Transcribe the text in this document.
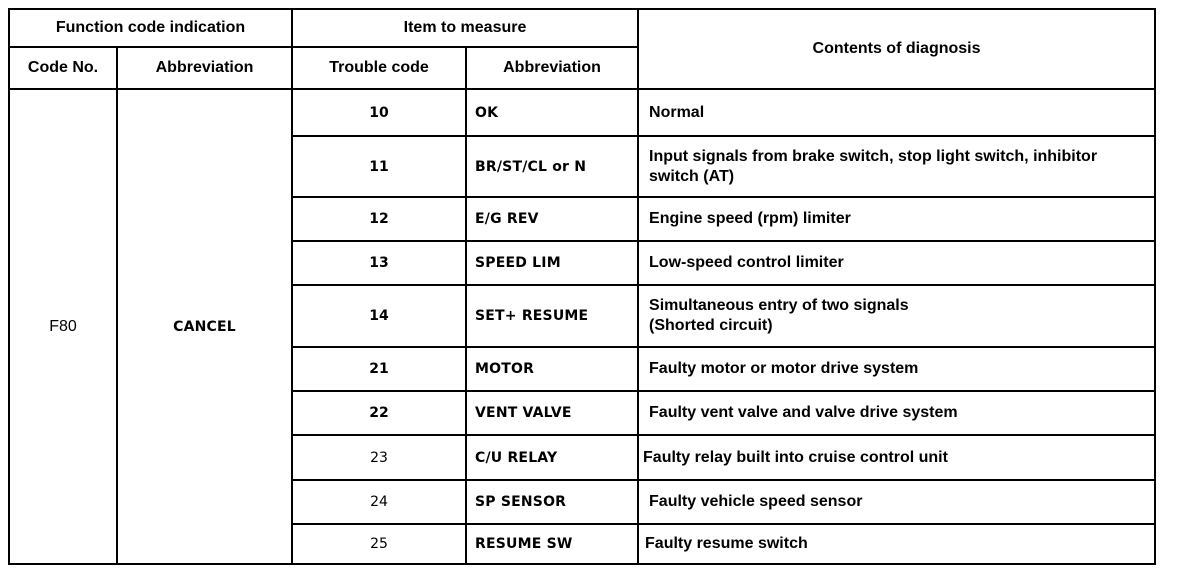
Function code indication		Item to measure		Contents of diagnosis
Code No.	Abbreviation	Trouble code	Abbreviation	
F80	CANCEL	10	OK	Normal
		11	BR/ST/CL or N	Input signals from brake switch, stop light switch, inhibitor switch (AT)
		12	E/G REV	Engine speed (rpm) limiter
		13	SPEED LIM	Low-speed control limiter
		14	SET+ RESUME	Simultaneous entry of two signals (Shorted circuit)
		21	MOTOR	Faulty motor or motor drive system
		22	VENT VALVE	Faulty vent valve and valve drive system
		23	C/U RELAY	Faulty relay built into cruise control unit
		24	SP SENSOR	Faulty vehicle speed sensor
		25	RESUME SW	Faulty resume switch
